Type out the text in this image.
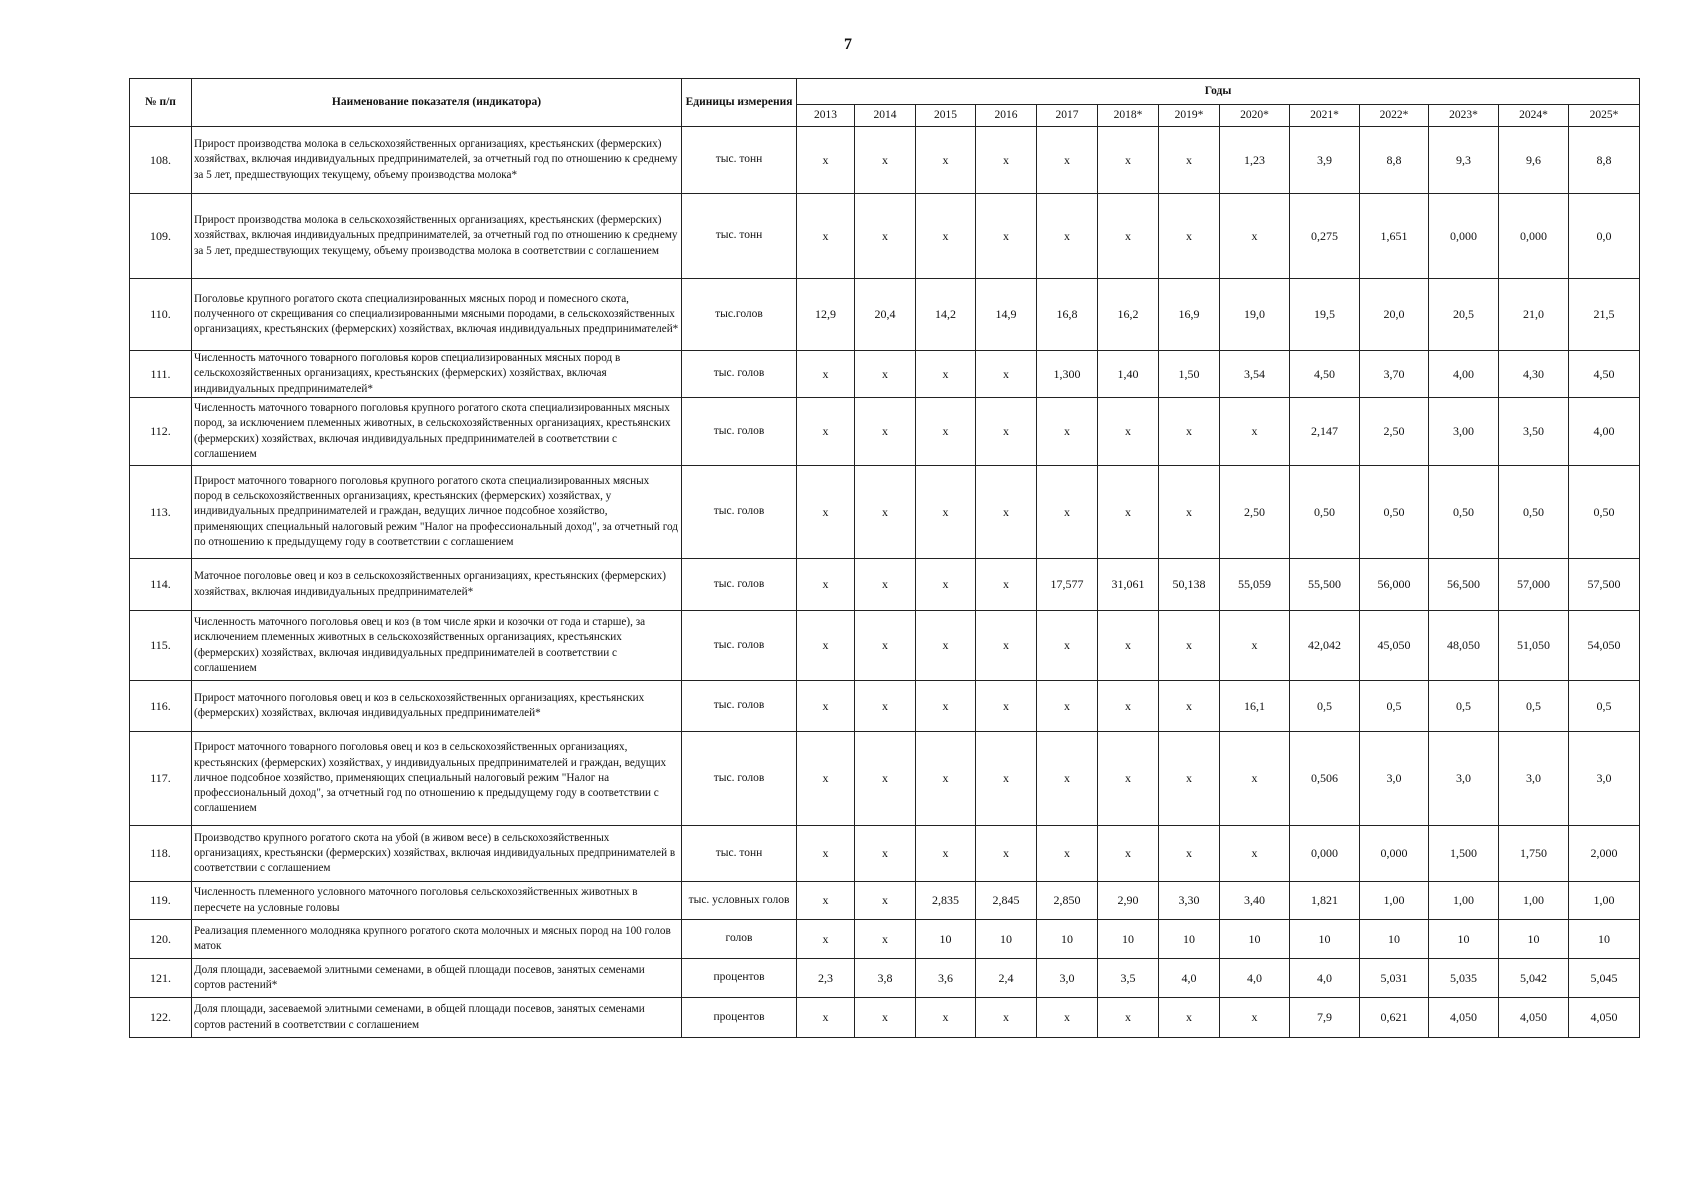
7
№ п/п	Наименование показателя (индикатора)	Единицы измерения	Годы												
			2013	2014	2015	2016	2017	2018*	2019*	2020*	2021*	2022*	2023*	2024*	2025*
108.	Прирост производства молока в сельскохозяйственных организациях, крестьянских (фермерских) хозяйствах, включая индивидуальных предпринимателей, за отчетный год по отношению к среднему за 5 лет, предшествующих текущему, объему производства молока*	тыс. тонн	х	х	х	х	х	х	х	1,23	3,9	8,8	9,3	9,6	8,8
109.	Прирост производства молока в сельскохозяйственных организациях, крестьянских (фермерских) хозяйствах, включая индивидуальных предпринимателей, за отчетный год по отношению к среднему за 5 лет, предшествующих текущему, объему производства молока в соответствии с соглашением	тыс. тонн	х	х	х	х	х	х	х	х	0,275	1,651	0,000	0,000	0,0
110.	Поголовье крупного рогатого скота специализированных мясных пород и помесного скота, полученного от скрещивания со специализированными мясными породами, в сельскохозяйственных организациях, крестьянских (фермерских) хозяйствах, включая индивидуальных предпринимателей*	тыс.голов	12,9	20,4	14,2	14,9	16,8	16,2	16,9	19,0	19,5	20,0	20,5	21,0	21,5
111.	Численность маточного товарного поголовья коров специализированных мясных пород в сельскохозяйственных организациях, крестьянских (фермерских) хозяйствах, включая индивидуальных предпринимателей*	тыс. голов	х	х	х	х	1,300	1,40	1,50	3,54	4,50	3,70	4,00	4,30	4,50
112.	Численность маточного товарного поголовья крупного рогатого скота специализированных мясных пород, за исключением племенных животных, в сельскохозяйственных организациях, крестьянских (фермерских) хозяйствах, включая индивидуальных предпринимателей в соответствии с соглашением	тыс. голов	х	х	х	х	х	х	х	х	2,147	2,50	3,00	3,50	4,00
113.	Прирост маточного товарного поголовья крупного рогатого скота специализированных мясных пород в сельскохозяйственных организациях, крестьянских (фермерских) хозяйствах, у индивидуальных предпринимателей и граждан, ведущих личное подсобное хозяйство, применяющих специальный налоговый режим "Налог на профессиональный доход", за отчетный год по отношению к предыдущему году в соответствии с соглашением	тыс. голов	х	х	х	х	х	х	х	2,50	0,50	0,50	0,50	0,50	0,50
114.	Маточное поголовье овец и коз в сельскохозяйственных организациях, крестьянских (фермерских) хозяйствах, включая индивидуальных предпринимателей*	тыс. голов	х	х	х	х	17,577	31,061	50,138	55,059	55,500	56,000	56,500	57,000	57,500
115.	Численность маточного поголовья овец и коз (в том числе ярки и козочки от года и старше), за исключением племенных животных в сельскохозяйственных организациях, крестьянских (фермерских) хозяйствах, включая индивидуальных предпринимателей в соответствии с соглашением	тыс. голов	х	х	х	х	х	х	х	х	42,042	45,050	48,050	51,050	54,050
116.	Прирост маточного поголовья овец и коз в сельскохозяйственных организациях, крестьянских (фермерских) хозяйствах, включая индивидуальных предпринимателей*	тыс. голов	х	х	х	х	х	х	х	16,1	0,5	0,5	0,5	0,5	0,5
117.	Прирост маточного товарного поголовья овец и коз в сельскохозяйственных организациях, крестьянских (фермерских) хозяйствах, у индивидуальных предпринимателей и граждан, ведущих личное подсобное хозяйство, применяющих специальный налоговый режим "Налог на профессиональный доход", за отчетный год по отношению к предыдущему году в соответствии с соглашением	тыс. голов	х	х	х	х	х	х	х	х	0,506	3,0	3,0	3,0	3,0
118.	Производство крупного рогатого скота на убой (в живом весе) в сельскохозяйственных организациях, крестьянски (фермерских) хозяйствах, включая индивидуальных предпринимателей в соответствии с соглашением	тыс. тонн	х	х	х	х	х	х	х	х	0,000	0,000	1,500	1,750	2,000
119.	Численность племенного условного маточного поголовья сельскохозяйственных животных в пересчете на условные головы	тыс. условных голов	х	х	2,835	2,845	2,850	2,90	3,30	3,40	1,821	1,00	1,00	1,00	1,00
120.	Реализация племенного молодняка крупного рогатого скота молочных и мясных пород на 100 голов маток	голов	х	х	10	10	10	10	10	10	10	10	10	10	10
121.	Доля площади, засеваемой элитными семенами, в общей площади посевов, занятых семенами сортов растений*	процентов	2,3	3,8	3,6	2,4	3,0	3,5	4,0	4,0	4,0	5,031	5,035	5,042	5,045
122.	Доля площади, засеваемой элитными семенами, в общей площади посевов, занятых семенами сортов растений в соответствии с соглашением	процентов	х	х	х	х	х	х	х	х	7,9	0,621	4,050	4,050	4,050
